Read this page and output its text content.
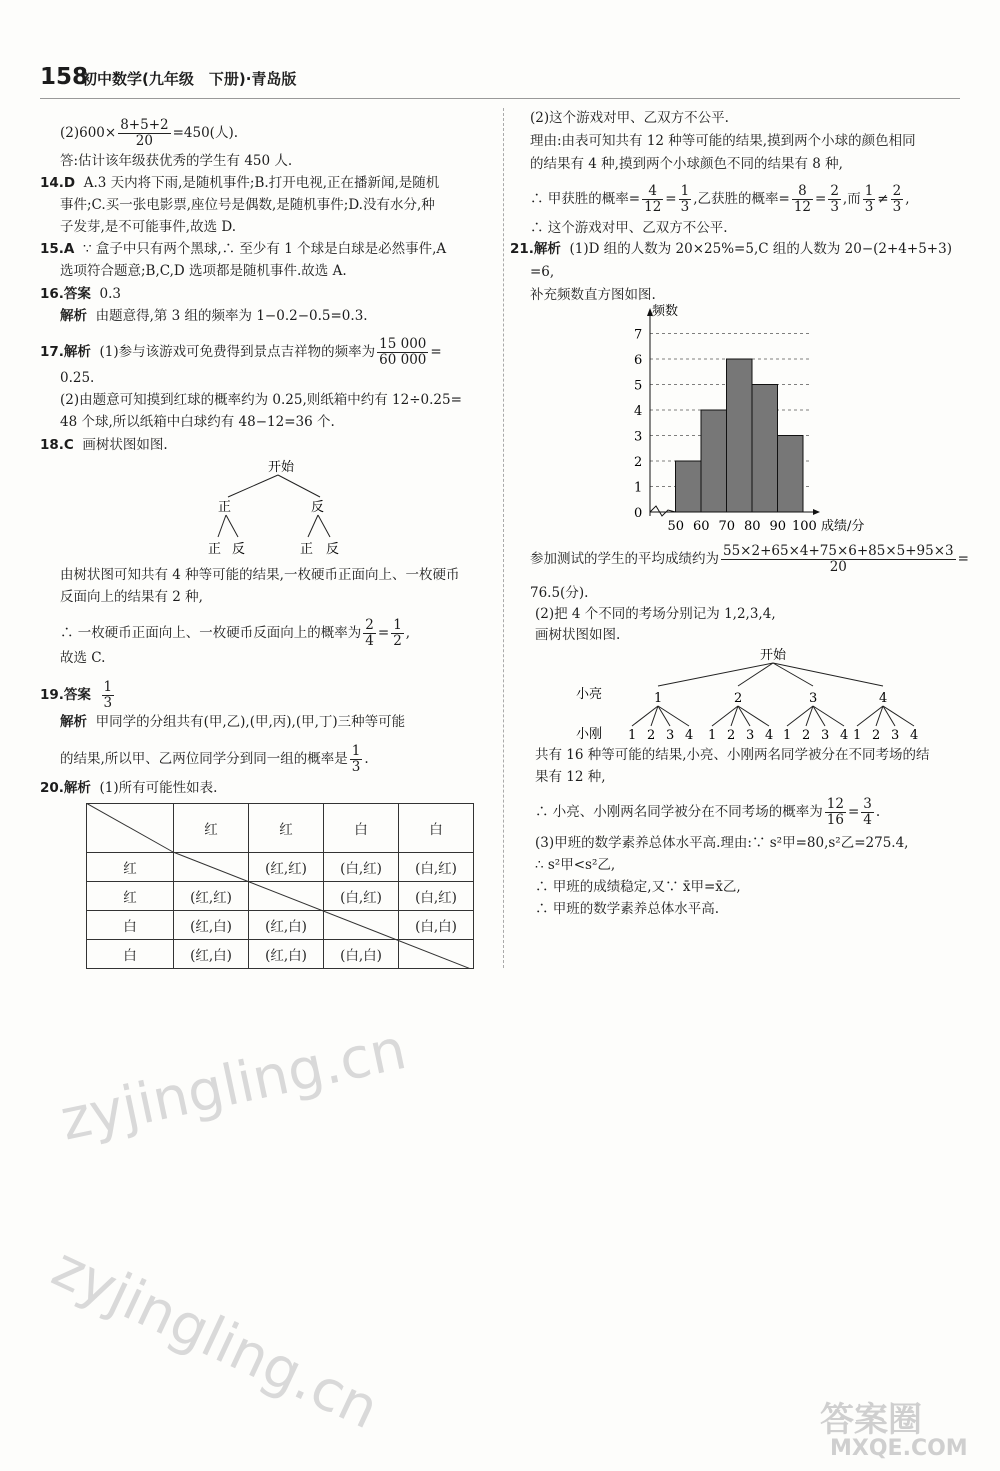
158
初中数学(九年级　下册)·青岛版
$(2)600\times \frac{8+5+2}{20} =450$(人).
答:估计该年级获优秀的学生有 450 人.
14.D A.3 天内将下雨,是随机事件;B.打开电视,正在播新闻,是随机
事件;C.买一张电影票,座位号是偶数,是随机事件;D.没有水分,种
子发芽,是不可能事件,故选 D.
15.A ∵ 盒子中只有两个黑球,∴ 至少有 1 个球是白球是必然事件,A
选项符合题意;B,C,D 选项都是随机事件.故选 A.
16.答案 0.3
解析 由题意得,第 3 组的频率为 1−0.2−0.5=0.3.
17.解析 (1)参与该游戏可免费得到景点吉祥物的频率为 $\frac{15 000}{60 000}$ =
0.25.
(2)由题意可知摸到红球的概率约为 0.25,则纸箱中约有 12÷0.25=
48 个球,所以纸箱中白球约有 48−12=36 个.
18.C 画树状图如图.
开始
正	反
正 反	正 反
由树状图可知共有 4 种等可能的结果,一枚硬币正面向上、一枚硬币
反面向上的结果有 2 种,
∴ 一枚硬币正面向上、一枚硬币反面向上的概率为 $\frac{2}{4} = \frac{1}{2}$ ,
故选 C.
19.答案 $\frac{1}{3}$
解析 甲同学的分组共有(甲,乙),(甲,丙),(甲,丁)三种等可能
的结果,所以甲、乙两位同学分到同一组的概率是 $\frac{1}{3}$ .
20.解析 (1)所有可能性如表.
	红	红	白	白
红		(红,红)	(白,红)	(白,红)
红	(红,红)		(白,红)	(白,红)
白	(红,白)	(红,白)		(白,白)
白	(红,白)	(红,白)	(白,白)	
(2)这个游戏对甲、乙双方不公平.
理由:由表可知共有 12 种等可能的结果,摸到两个小球的颜色相同
的结果有 4 种,摸到两个小球颜色不同的结果有 8 种,
∴ 甲获胜的概率= $\frac{4}{12} = \frac{1}{3}$ ,乙获胜的概率= $\frac{8}{12} = \frac{2}{3}$ ,而 $\frac{1}{3} \ne \frac{2}{3}$ ,
∴ 这个游戏对甲、乙双方不公平.
21.解析 (1)D 组的人数为 20×25%=5,C 组的人数为 20−(2+4+5+3)
=6,
补充频数直方图如图.
0
1
2
3
4
5
6
7
50 60 70 80 90 100
频数
成绩/分
参加测试的学生的平均成绩约为 $\frac{55\times 2+65\times 4+75\times 6+85\times 5+95\times 3}{20}$ =
76.5(分).
(2)把 4 个不同的考场分别记为 1,2,3,4,
画树状图如图.
开始
小亮
小刚
1
1 2 3 4
2
1 2 3 4
3
1 2 3 4
4
1 2 3 4
共有 16 种等可能的结果,小亮、小刚两名同学被分在不同考场的结
果有 12 种,
∴ 小亮、小刚两名同学被分在不同考场的概率为 $\frac{12}{16} = \frac{3}{4}$ .
(3)甲班的数学素养总体水平高.理由:∵ s²甲=80,s²乙=275.4,
∴ s²甲<s²乙,
∴ 甲班的成绩稳定,又∵ x̄甲=x̄乙,
∴ 甲班的数学素养总体水平高.
zyjingling.cn
zyjingling.cn	答案圈
MXQE.COM
